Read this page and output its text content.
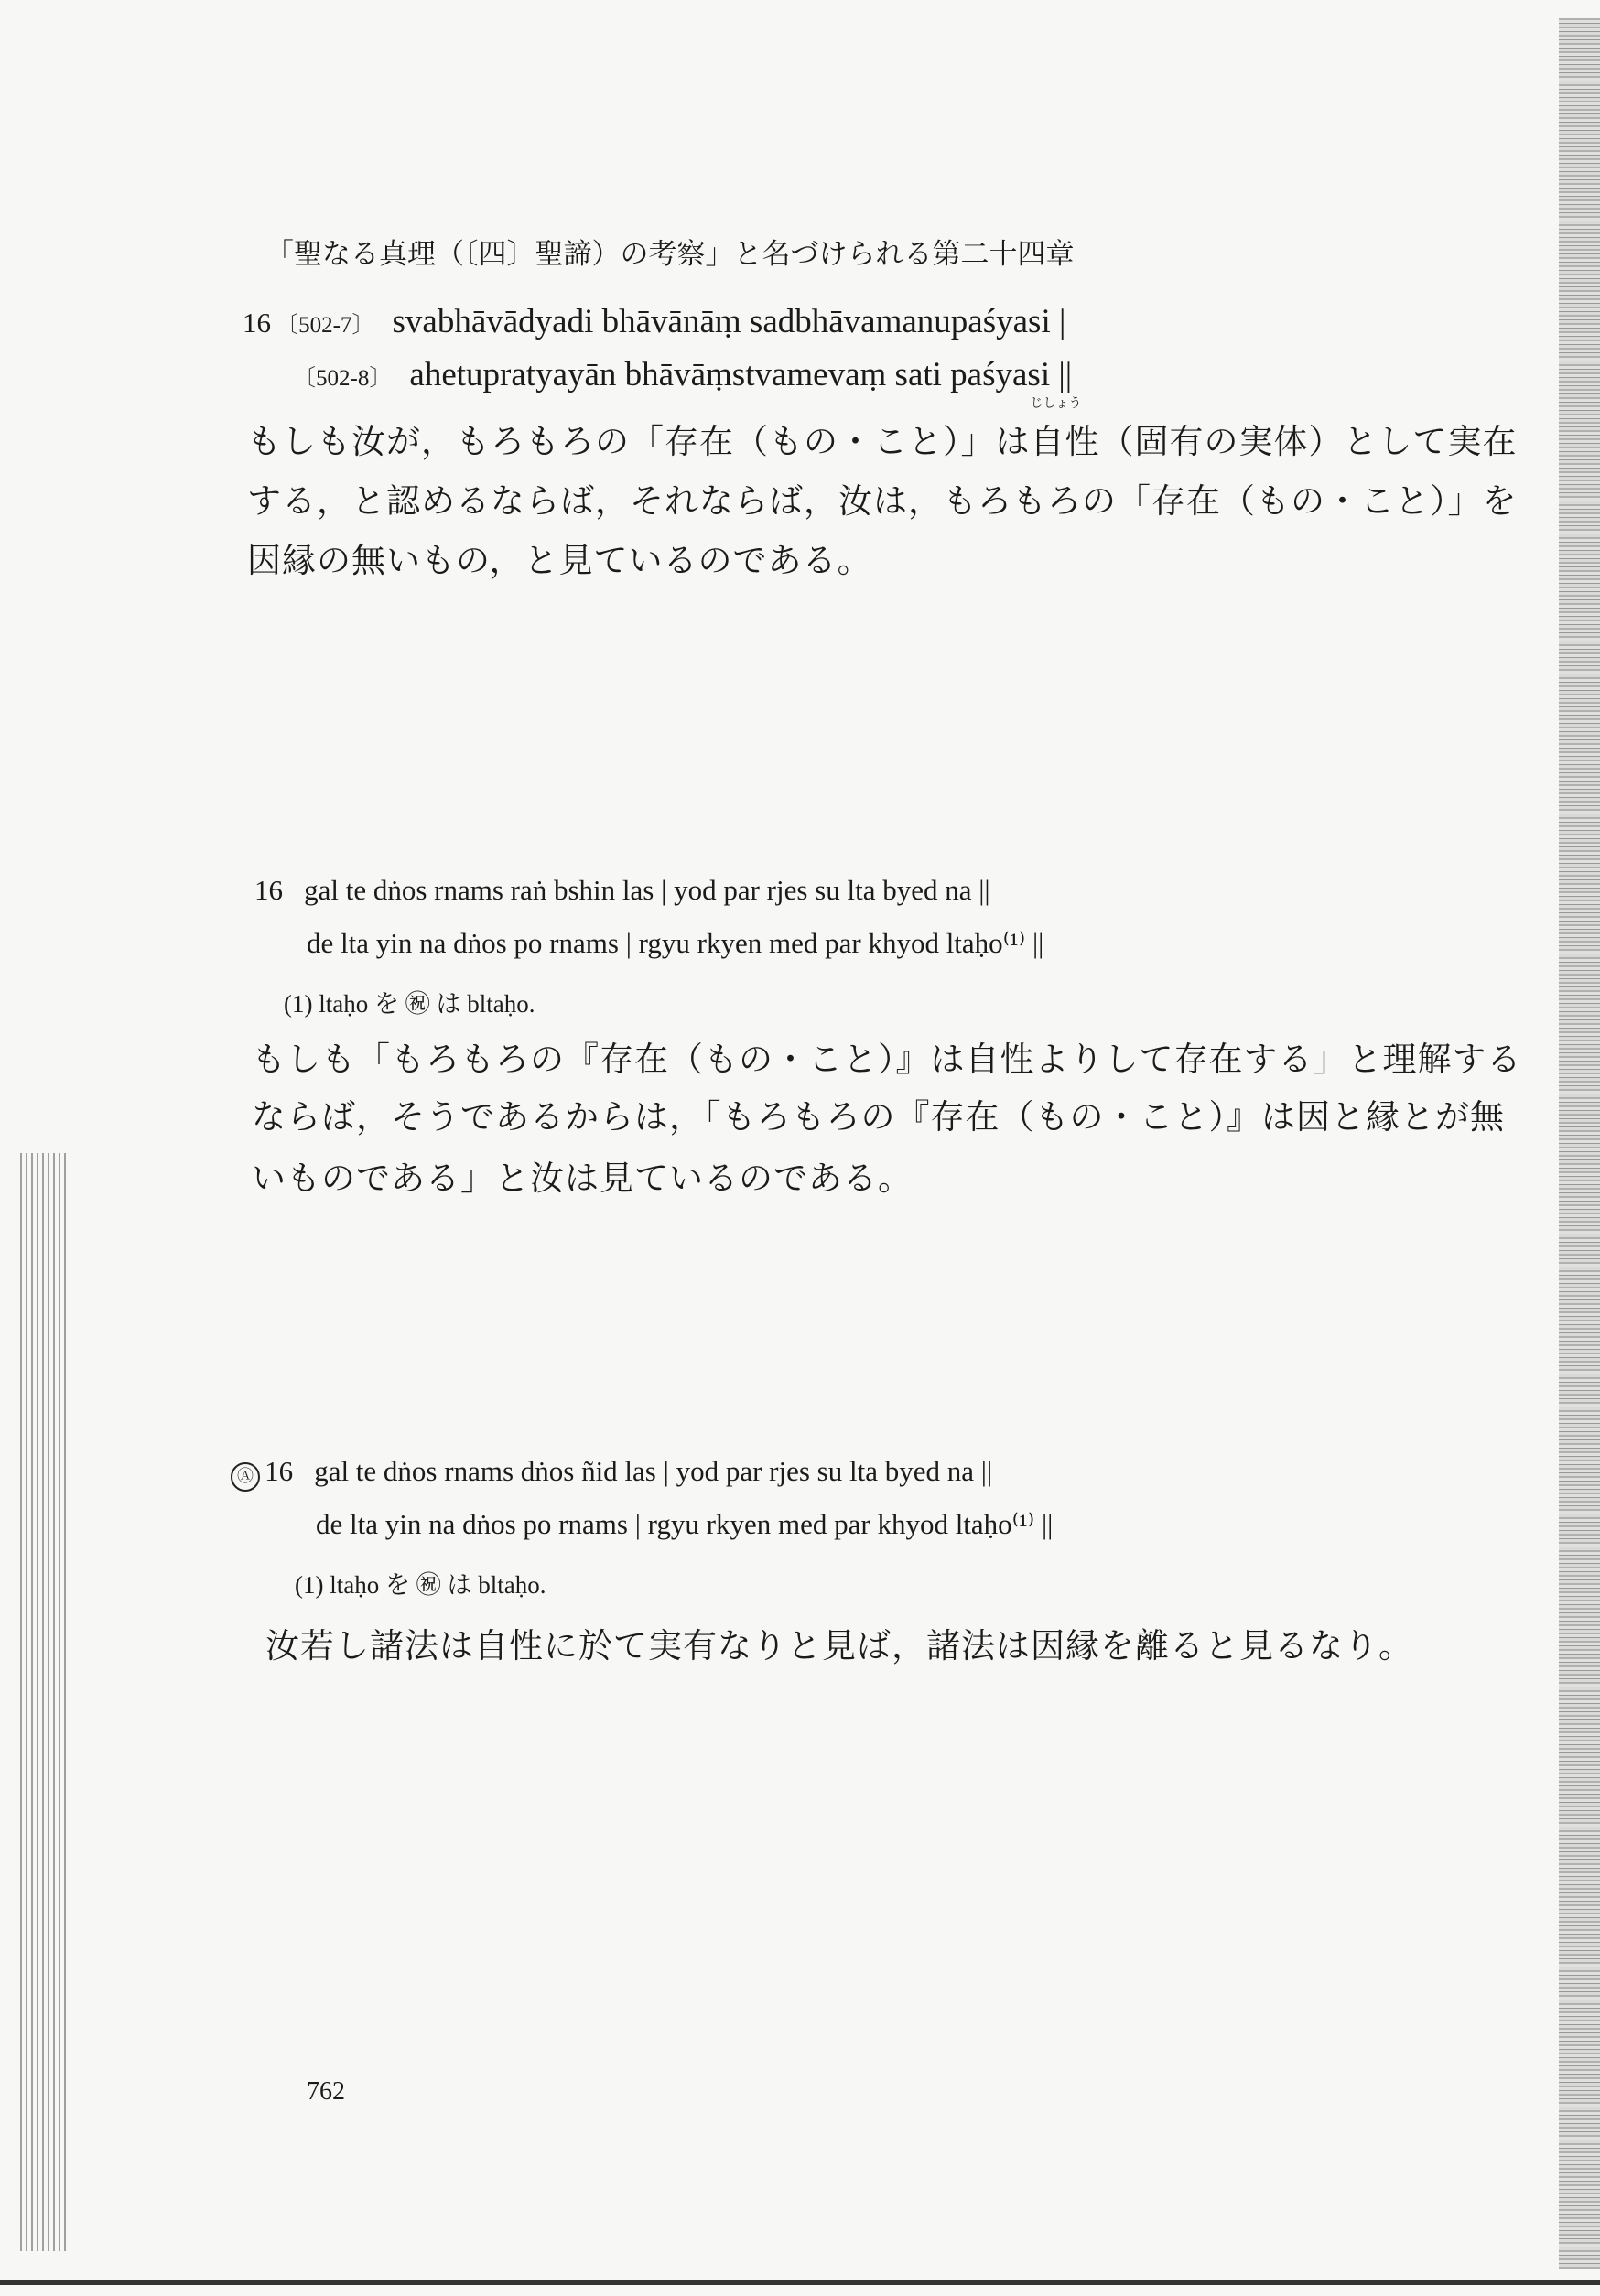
「聖なる真理（〔四〕聖諦）の考察」と名づけられる第二十四章
16 〔502-7〕 svabhāvādyadi bhāvānāṃ sadbhāvamanupaśyasi |
〔502-8〕 ahetupratyayān bhāvāṃstvamevaṃ sati paśyasi ||
もしも汝が，もろもろの「存在（もの・こと）」は
じしょう
自性（固有の実体）として実在
する，と認めるならば，それならば，汝は，もろもろの「存在（もの・こと）」を
因縁の無いもの，と見ているのである。
16 gal te dṅos rnams raṅ bshin las | yod par rjes su lta byed na ||
de lta yin na dṅos po rnams | rgyu rkyen med par khyod ltaḥo⁽¹⁾ ||
(1) ltaḥo を ㊗ は bltaḥo.
もしも「もろもろの『存在（もの・こと）』は自性よりして存在する」と理解する
ならば，そうであるからは，「もろもろの『存在（もの・こと）』は因と縁とが無
いものである」と汝は見ているのである。
Ⓐ 16 gal te dṅos rnams dṅos ñid las | yod par rjes su lta byed na ||
de lta yin na dṅos po rnams | rgyu rkyen med par khyod ltaḥo⁽¹⁾ ||
(1) ltaḥo を ㊗ は bltaḥo.
汝若し諸法は自性に於て実有なりと見ば，諸法は因縁を離ると見るなり。
762
